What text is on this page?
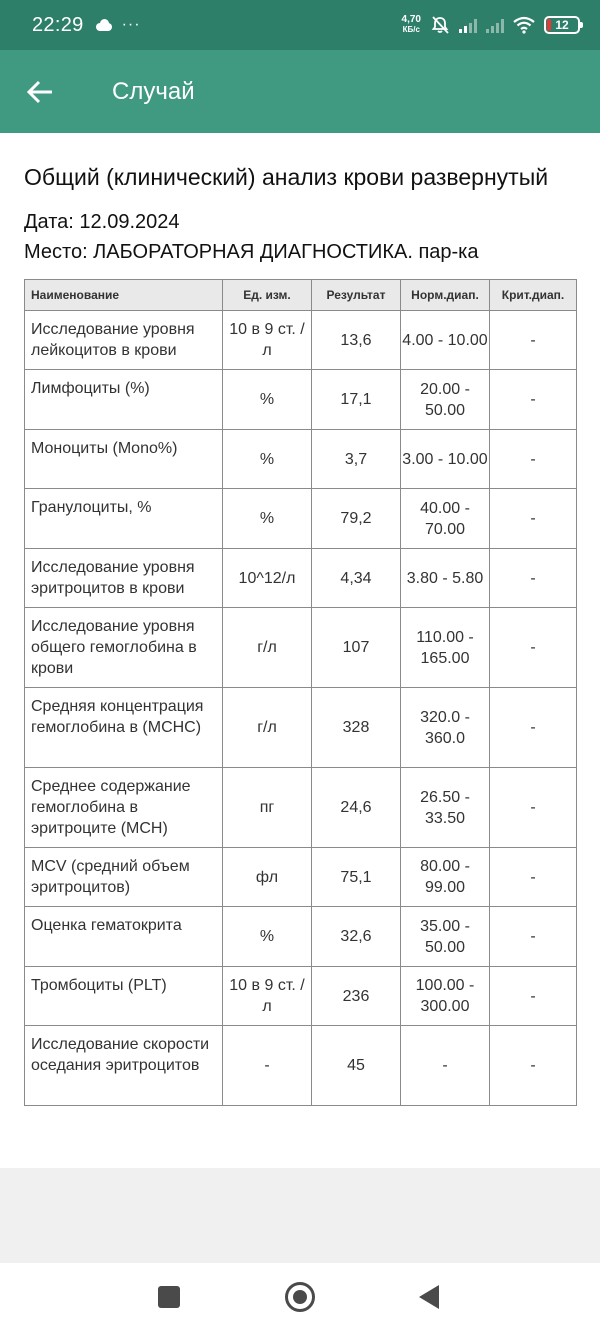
22:29 ···	4,70
КБ/с	12
Случай
Общий (клинический) анализ крови развернутый
Дата: 12.09.2024
Место: ЛАБОРАТОРНАЯ ДИАГНОСТИКА. пар-ка
Наименование	Ед. изм.	Результат	Норм.диап.	Крит.диап.
Исследование уровня лейкоцитов в крови	10 в 9 ст. / л	13,6	4.00 - 10.00	-
Лимфоциты (%)	%	17,1	20.00 - 50.00	-
Моноциты (Mono%)	%	3,7	3.00 - 10.00	-
Гранулоциты, %	%	79,2	40.00 - 70.00	-
Исследование уровня эритроцитов в крови	10^12/л	4,34	3.80 - 5.80	-
Исследование уровня общего гемоглобина в крови	г/л	107	110.00 - 165.00	-
Средняя концентрация гемоглобина в (MCHC)	г/л	328	320.0 - 360.0	-
Среднее содержание гемоглобина в эритроците (MCH)	пг	24,6	26.50 - 33.50	-
MCV (средний объем эритроцитов)	фл	75,1	80.00 - 99.00	-
Оценка гематокрита	%	32,6	35.00 - 50.00	-
Тромбоциты (PLT)	10 в 9 ст. / л	236	100.00 - 300.00	-
Исследование скорости оседания эритроцитов	-	45	-	-
